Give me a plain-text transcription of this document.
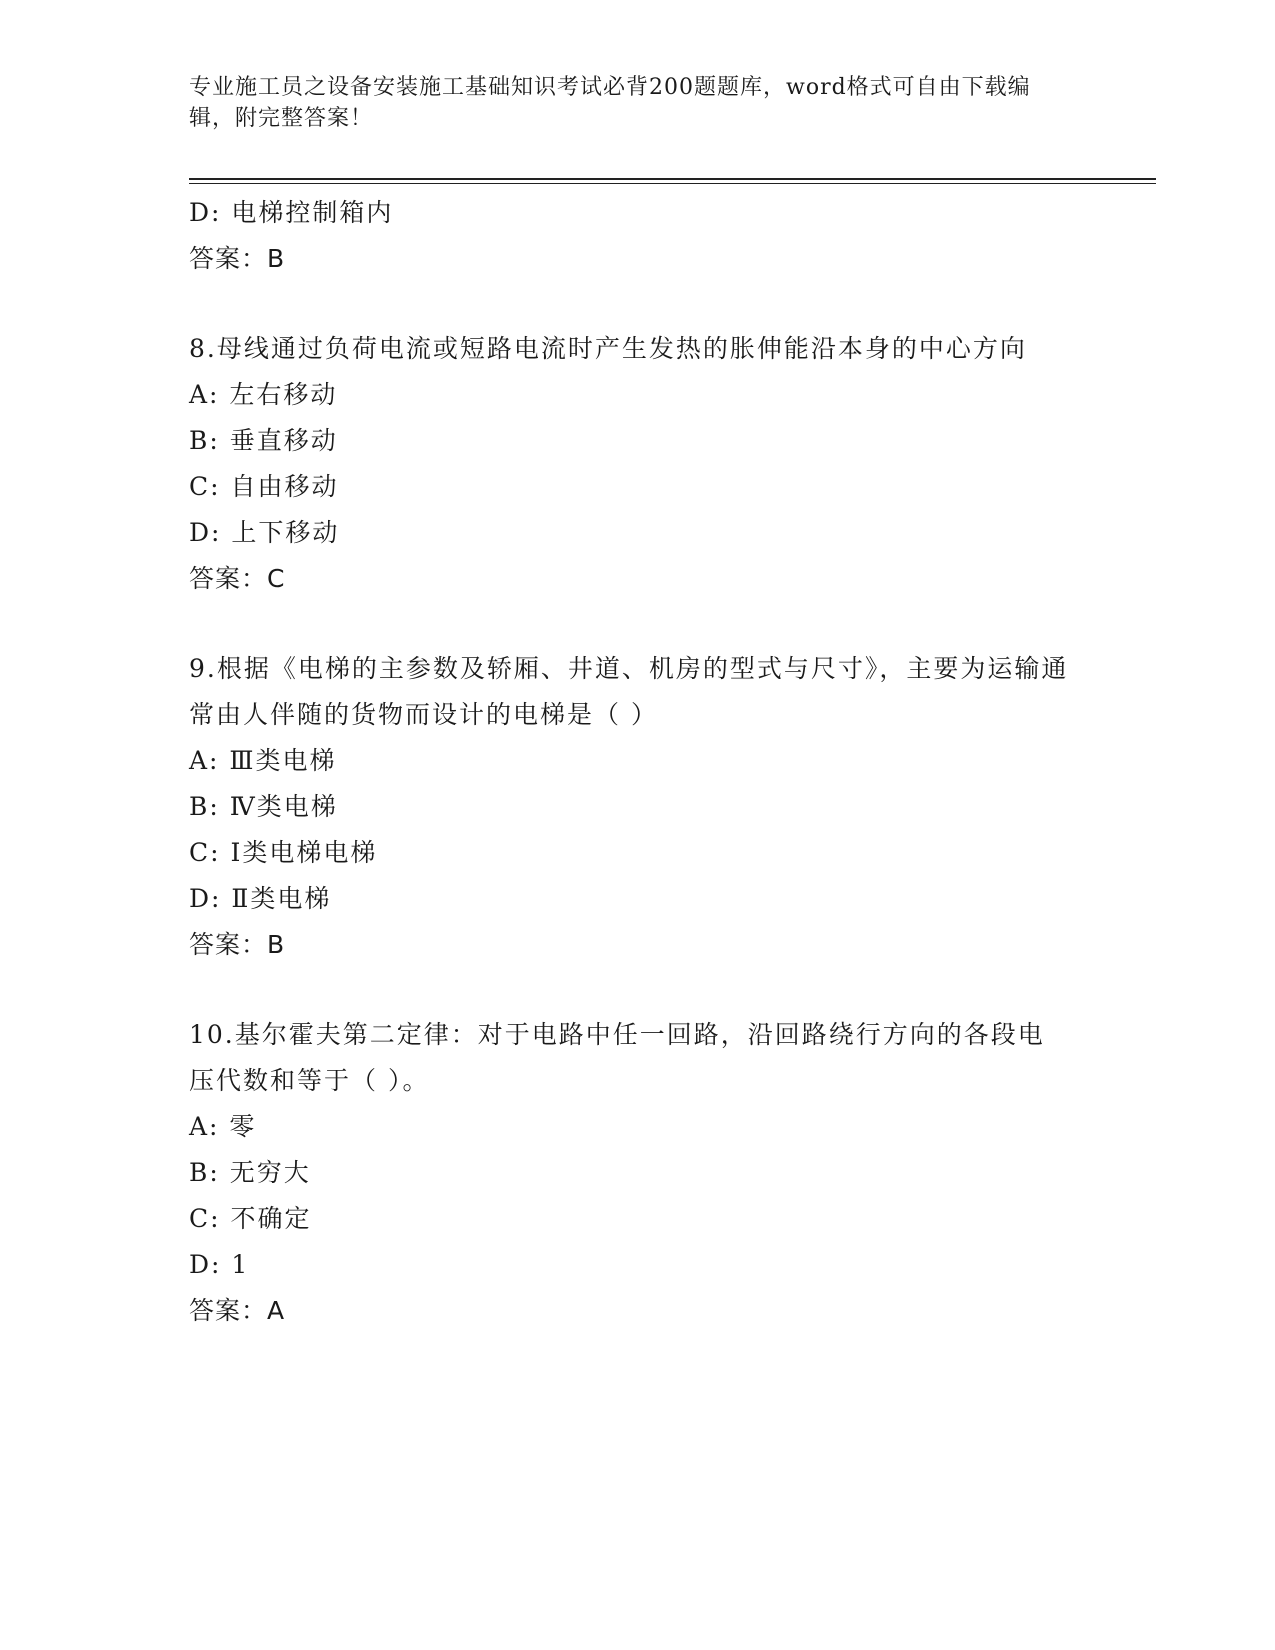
专业施工员之设备安装施工基础知识考试必背200题题库，word格式可自由下载编辑，附完整答案！
D: 电梯控制箱内
答案：B
8.母线通过负荷电流或短路电流时产生发热的胀伸能沿本身的中心方向
A: 左右移动
B: 垂直移动
C: 自由移动
D: 上下移动
答案：C
9.根据《电梯的主参数及轿厢、井道、机房的型式与尺寸》，主要为运输通常由人伴随的货物而设计的电梯是（ ）
A: Ⅲ类电梯
B: Ⅳ类电梯
C: Ⅰ类电梯电梯
D: Ⅱ类电梯
答案：B
10.基尔霍夫第二定律：对于电路中任一回路，沿回路绕行方向的各段电压代数和等于（ ）。
A: 零
B: 无穷大
C: 不确定
D: 1
答案：A
